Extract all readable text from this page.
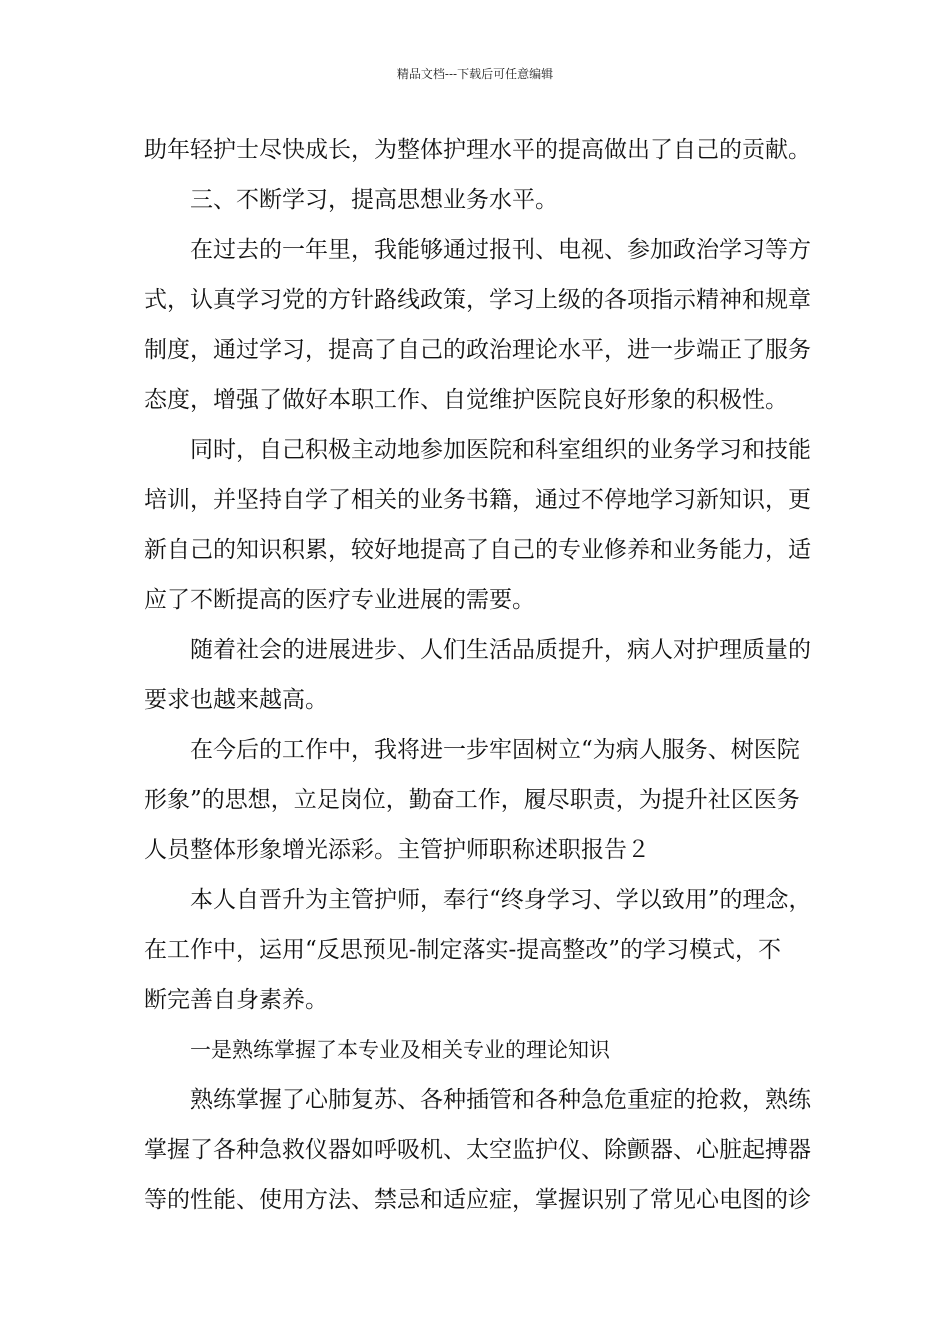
精品文档---下载后可任意编辑

助年轻护士尽快成长，为整体护理水平的提高做出了自己的贡献。

三、不断学习，提高思想业务水平。

在过去的一年里，我能够通过报刊、电视、参加政治学习等方
式，认真学习党的方针路线政策，学习上级的各项指示精神和规章
制度，通过学习，提高了自己的政治理论水平，进一步端正了服务
态度，增强了做好本职工作、自觉维护医院良好形象的积极性。

同时，自己积极主动地参加医院和科室组织的业务学习和技能
培训，并坚持自学了相关的业务书籍，通过不停地学习新知识，更
新自己的知识积累，较好地提高了自己的专业修养和业务能力，适
应了不断提高的医疗专业进展的需要。

随着社会的进展进步、人们生活品质提升，病人对护理质量的
要求也越来越高。

在今后的工作中，我将进一步牢固树立“为病人服务、树医院
形象”的思想，立足岗位，勤奋工作，履尽职责，为提升社区医务
人员整体形象增光添彩。主管护师职称述职报告２

本人自晋升为主管护师，奉行“终身学习、学以致用”的理念，
在工作中，运用“反思预见-制定落实-提高整改”的学习模式，不
断完善自身素养。

一是熟练掌握了本专业及相关专业的理论知识

熟练掌握了心肺复苏、各种插管和各种急危重症的抢救，熟练
掌握了各种急救仪器如呼吸机、太空监护仪、除颤器、心脏起搏器
等的性能、使用方法、禁忌和适应症，掌握识别了常见心电图的诊
